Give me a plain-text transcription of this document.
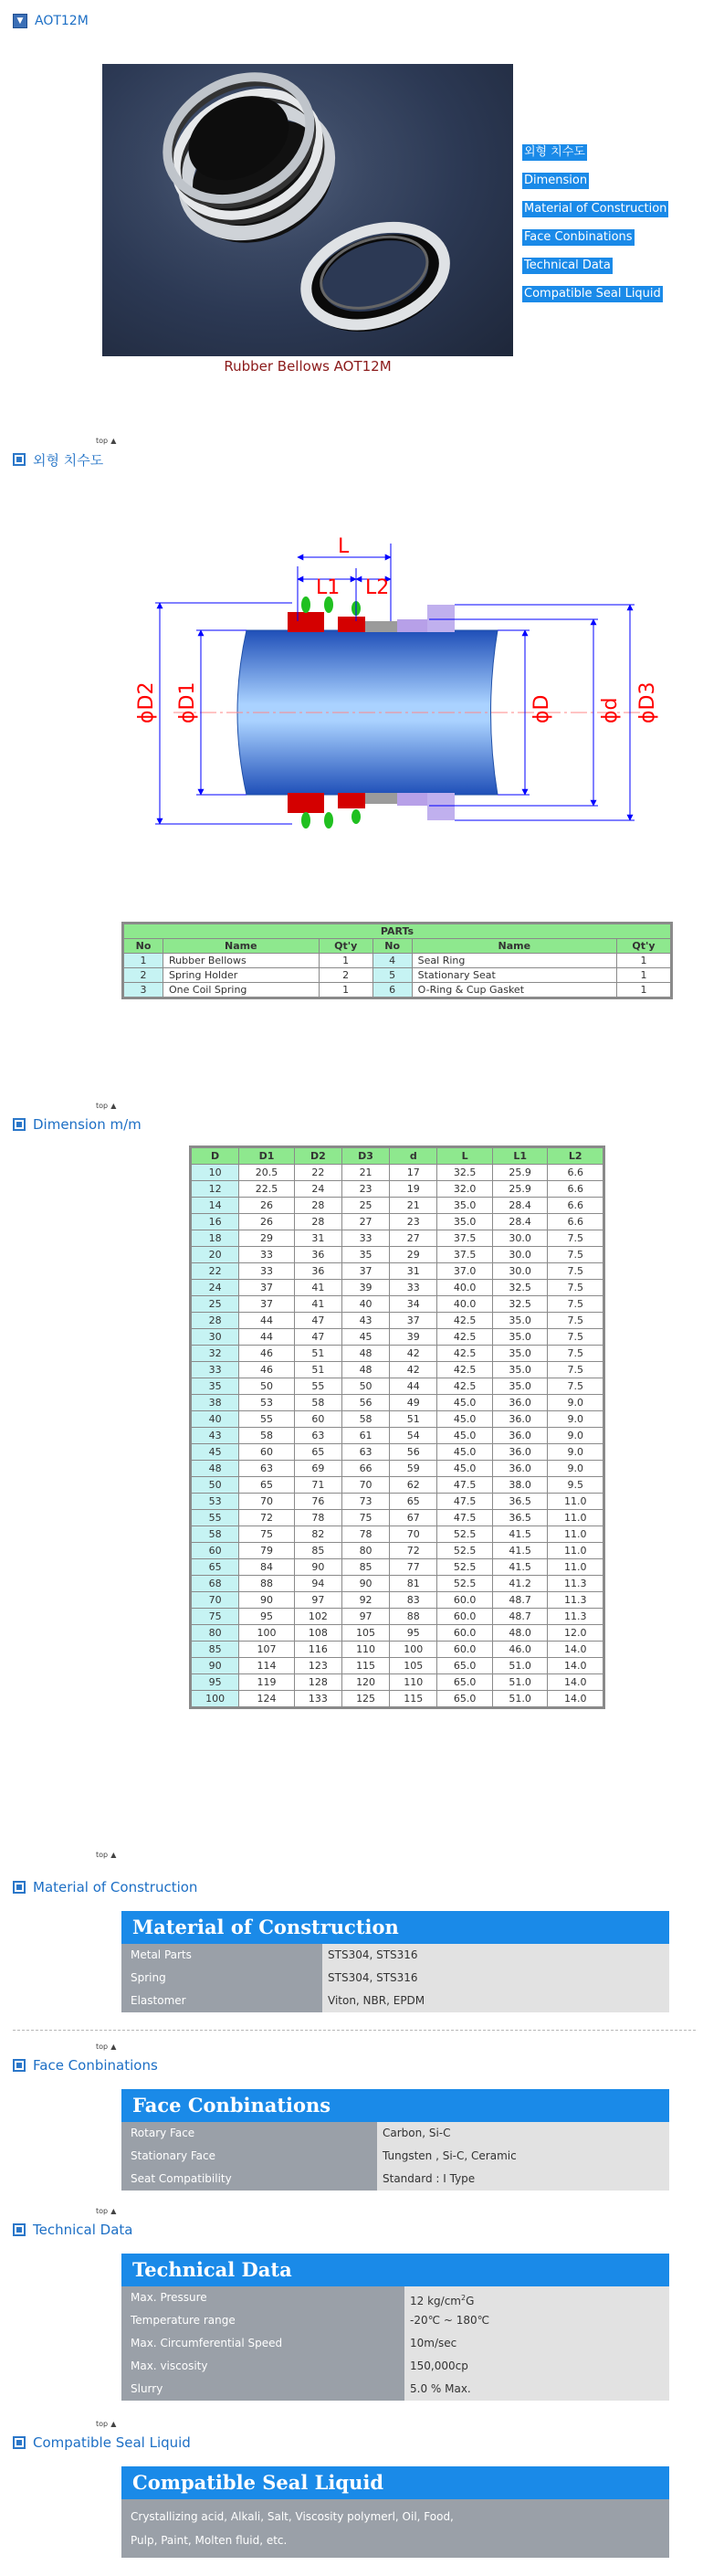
▼ AOT12M
Rubber Bellows AOT12M
외형 치수도
Dimension
Material of Construction
Face Conbinations
Technical Data
Compatible Seal Liquid
top ▲
외형 치수도
L
L1 L2
ϕD2 ϕD1	ϕD ϕd ϕD3
PARTs					
No	Name	Qt'y	No	Name	Qt'y
1	Rubber Bellows	1	4	Seal Ring	1
2	Spring Holder	2	5	Stationary Seat	1
3	One Coil Spring	1	6	O-Ring & Cup Gasket	1
top ▲
Dimension m/m
D	D1	D2	D3	d	L	L1	L2
10	20.5	22	21	17	32.5	25.9	6.6
12	22.5	24	23	19	32.0	25.9	6.6
14	26	28	25	21	35.0	28.4	6.6
16	26	28	27	23	35.0	28.4	6.6
18	29	31	33	27	37.5	30.0	7.5
20	33	36	35	29	37.5	30.0	7.5
22	33	36	37	31	37.0	30.0	7.5
24	37	41	39	33	40.0	32.5	7.5
25	37	41	40	34	40.0	32.5	7.5
28	44	47	43	37	42.5	35.0	7.5
30	44	47	45	39	42.5	35.0	7.5
32	46	51	48	42	42.5	35.0	7.5
33	46	51	48	42	42.5	35.0	7.5
35	50	55	50	44	42.5	35.0	7.5
38	53	58	56	49	45.0	36.0	9.0
40	55	60	58	51	45.0	36.0	9.0
43	58	63	61	54	45.0	36.0	9.0
45	60	65	63	56	45.0	36.0	9.0
48	63	69	66	59	45.0	36.0	9.0
50	65	71	70	62	47.5	38.0	9.5
53	70	76	73	65	47.5	36.5	11.0
55	72	78	75	67	47.5	36.5	11.0
58	75	82	78	70	52.5	41.5	11.0
60	79	85	80	72	52.5	41.5	11.0
65	84	90	85	77	52.5	41.5	11.0
68	88	94	90	81	52.5	41.2	11.3
70	90	97	92	83	60.0	48.7	11.3
75	95	102	97	88	60.0	48.7	11.3
80	100	108	105	95	60.0	48.0	12.0
85	107	116	110	100	60.0	46.0	14.0
90	114	123	115	105	65.0	51.0	14.0
95	119	128	120	110	65.0	51.0	14.0
100	124	133	125	115	65.0	51.0	14.0
top ▲
Material of Construction
Material of Construction
Metal Parts	STS304, STS316
Spring	STS304, STS316
Elastomer	Viton, NBR, EPDM
top ▲
Face Conbinations
Face Conbinations
Rotary Face	Carbon, Si-C
Stationary Face	Tungsten , Si-C, Ceramic
Seat Compatibility	Standard : I Type
top ▲
Technical Data
Technical Data
Max. Pressure	12 $kg/cm^2G$
Temperature range	-20℃ ~ 180℃
Max. Circumferential Speed	10m/sec
Max. viscosity	150,000cp
Slurry	5.0 % Max.
top ▲
Compatible Seal Liquid
Compatible Seal Liquid
Crystallizing acid, Alkali, Salt, Viscosity polymerl, Oil, Food,
Pulp, Paint, Molten fluid, etc.
